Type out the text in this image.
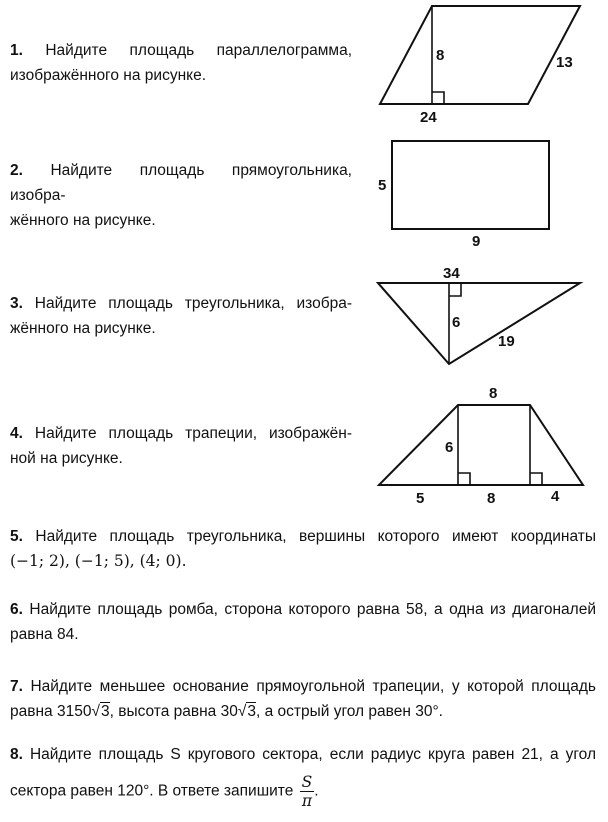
1. Найдите площадь параллелограмма,
изображённого на рисунке.
8
24
13
2. Найдите площадь прямоугольника,
изобра-
жённого на рисунке.
5
9
3. Найдите площадь треугольника, изобра-
жённого на рисунке.
34
6
19
4. Найдите площадь трапеции, изображён-
ной на рисунке.
8
6
5	8	4
5. Найдите площадь треугольника, вершины которого имеют координаты
(−1; 2), (−1; 5), (4; 0).
6. Найдите площадь ромба, сторона которого равна 58, а одна из диагоналей
равна 84.
7. Найдите меньшее основание прямоугольной трапеции, у которой площадь
равна 3150√3, высота равна 30√3, а острый угол равен 30°.
8. Найдите площадь S кругового сектора, если радиус круга равен 21, а угол
сектора равен 120°. В ответе запишите $\frac{S}{\pi}$ .
